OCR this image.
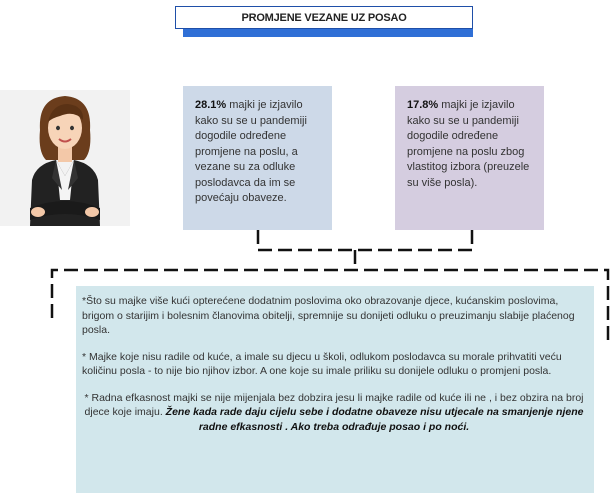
PROMJENE VEZANE UZ POSAO
28.1% majki je izjavilo kako su se u pandemiji dogodile određene promjene na poslu, a vezane su za odluke poslodavca da im se povećaju obaveze.
17.8% majki je izjavilo kako su se u pandemiji dogodile određene promjene na poslu zbog vlastitog izbora (preuzele su više posla).

*Što su majke više kući opterećene dodatnim poslovima oko obrazovanje djece, kućanskim poslovima, brigom o starijim i bolesnim članovima obitelji, spremnije su donijeti odluku o preuzimanju slabije plaćenog posla.

* Majke koje nisu radile od kuće, a imale su djecu u školi, odlukom poslodavca su morale prihvatiti veću količinu posla - to nije bio njihov izbor. A one koje su imale priliku su donijele odluku o promjeni posla.

* Radna efkasnost majki se nije mijenjala bez dobzira jesu li majke radile od kuće ili ne , i bez obzira na broj djece koje imaju. Žene kada rade daju cijelu sebe i dodatne obaveze nisu utjecale na smanjenje njene radne efkasnosti . Ako treba odrađuje posao i po noći.
